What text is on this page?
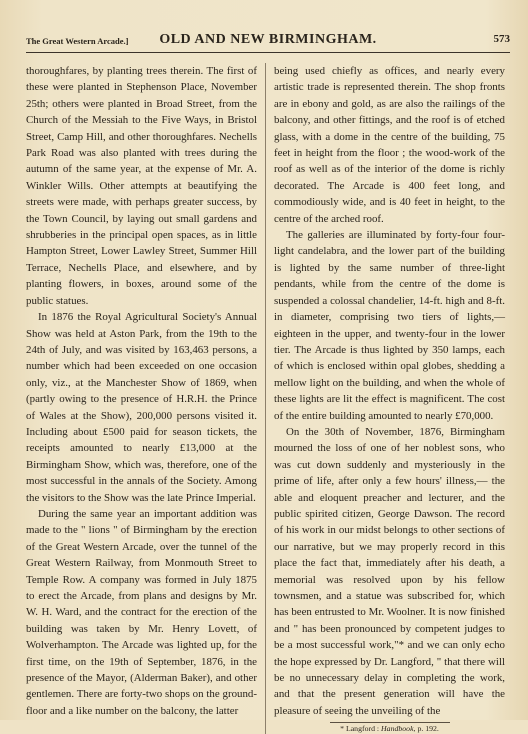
The Great Western Arcade.]	OLD AND NEW BIRMINGHAM.	573

thoroughfares, by planting trees therein. The first of these were planted in Stephenson Place, November 25th; others were planted in Broad Street, from the Church of the Messiah to the Five Ways, in Bristol Street, Camp Hill, and other thoroughfares. Nechells Park Road was also planted with trees during the autumn of the same year, at the expense of Mr. A. Winkler Wills. Other attempts at beautifying the streets were made, with perhaps greater success, by the Town Council, by laying out small gardens and shrubberies in the principal open spaces, as in little Hampton Street, Lower Lawley Street, Summer Hill Terrace, Nechells Place, and elsewhere, and by planting flowers, in boxes, around some of the public statues.

In 1876 the Royal Agricultural Society's Annual Show was held at Aston Park, from the 19th to the 24th of July, and was visited by 163,463 persons, a number which had been exceeded on one occasion only, viz., at the Manchester Show of 1869, when (partly owing to the presence of H.R.H. the Prince of Wales at the Show), 200,000 persons visited it. Including about £500 paid for season tickets, the receipts amounted to nearly £13,000 at the Birmingham Show, which was, therefore, one of the most successful in the annals of the Society. Among the visitors to the Show was the late Prince Imperial.

During the same year an important addition was made to the " lions " of Birmingham by the erection of the Great Western Arcade, over the tunnel of the Great Western Railway, from Monmouth Street to Temple Row. A company was formed in July 1875 to erect the Arcade, from plans and designs by Mr. W. H. Ward, and the contract for the erection of the building was taken by Mr. Henry Lovett, of Wolverhampton. The Arcade was lighted up, for the first time, on the 19th of September, 1876, in the presence of the Mayor, (Alderman Baker), and other gentlemen. There are forty-two shops on the ground-floor and a like number on the balcony, the latter

being used chiefly as offices, and nearly every artistic trade is represented therein. The shop fronts are in ebony and gold, as are also the railings of the balcony, and other fittings, and the roof is of etched glass, with a dome in the centre of the building, 75 feet in height from the floor ; the wood-work of the roof as well as of the interior of the dome is richly decorated. The Arcade is 400 feet long, and commodiously wide, and is 40 feet in height, to the centre of the arched roof.

The galleries are illuminated by forty-four four-light candelabra, and the lower part of the building is lighted by the same number of three-light pendants, while from the centre of the dome is suspended a colossal chandelier, 14-ft. high and 8-ft. in diameter, comprising two tiers of lights,— eighteen in the upper, and twenty-four in the lower tier. The Arcade is thus lighted by 350 lamps, each of which is enclosed within opal globes, shedding a mellow light on the building, and when the whole of these lights are lit the effect is magnificent. The cost of the entire building amounted to nearly £70,000.

On the 30th of November, 1876, Birmingham mourned the loss of one of her noblest sons, who was cut down suddenly and mysteriously in the prime of life, after only a few hours' illness,— the able and eloquent preacher and lecturer, and the public spirited citizen, George Dawson. The record of his work in our midst belongs to other sections of our narrative, but we may properly record in this place the fact that, immediately after his death, a memorial was resolved upon by his fellow townsmen, and a statue was subscribed for, which has been entrusted to Mr. Woolner. It is now finished and " has been pronounced by competent judges to be a most successful work,"* and we can only echo the hope expressed by Dr. Langford, " that there will be no unnecessary delay in completing the work, and that the present generation will have the pleasure of seeing the unveiling of the

* Langford : Handbook, p. 192.
